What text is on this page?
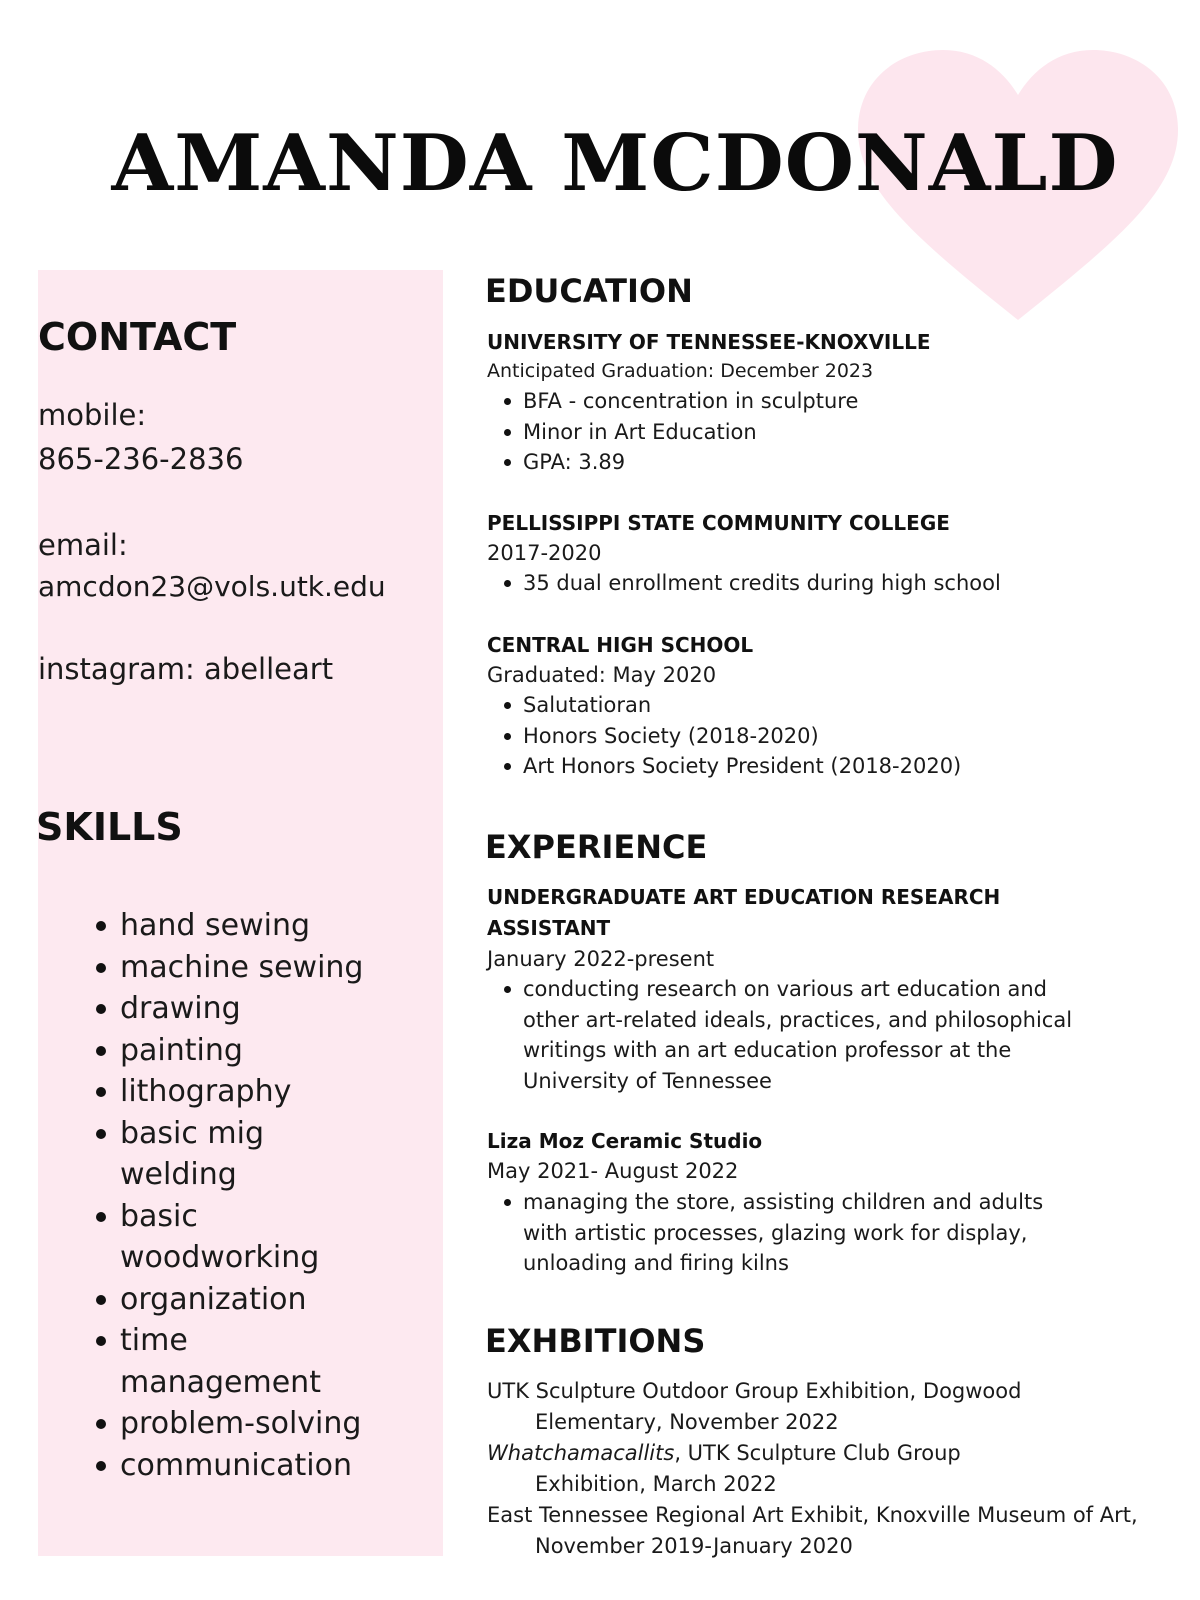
AMANDA MCDONALD
CONTACT

mobile:

865-236-2836

email:

amcdon23@vols.utk.edu

instagram: abelleart

SKILLS
hand sewing
machine sewing
drawing
painting
lithography
basic mig welding
basic woodworking
organization
time management
problem-solving
communication
EDUCATION

UNIVERSITY OF TENNESSEE-KNOXVILLE

Anticipated Graduation: December 2023

BFA - concentration in sculpture
Minor in Art Education
GPA: 3.89

PELLISSIPPI STATE COMMUNITY COLLEGE

2017-2020

35 dual enrollment credits during high school

CENTRAL HIGH SCHOOL

Graduated: May 2020

Salutatioran
Honors Society (2018-2020)
Art Honors Society President (2018-2020)
EXPERIENCE

UNDERGRADUATE ART EDUCATION RESEARCH ASSISTANT

January 2022-present

conducting research on various art education and other art-related ideals, practices, and philosophical writings with an art education professor at the University of Tennessee

Liza Moz Ceramic Studio

May 2021- August 2022

managing the store, assisting children and adults with artistic processes, glazing work for display, unloading and firing kilns
EXHBITIONS

UTK Sculpture Outdoor Group Exhibition, Dogwood Elementary, November 2022

Whatchamacallits, UTK Sculpture Club Group Exhibition, March 2022

East Tennessee Regional Art Exhibit, Knoxville Museum of Art, November 2019-January 2020
